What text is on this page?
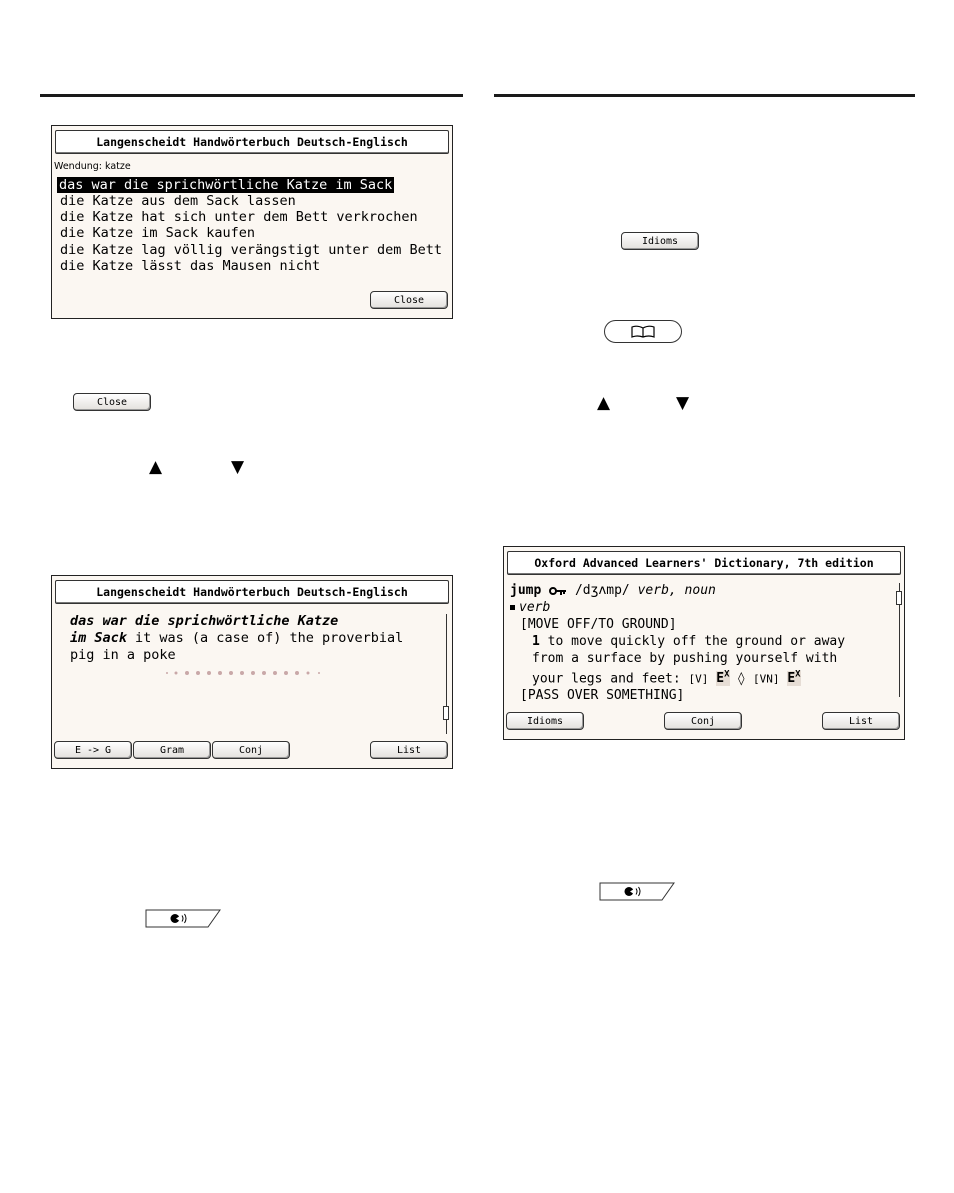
Langenscheidt Handwörterbuch Deutsch-Englisch
Wendung: katze
das war die sprichwörtliche Katze im Sack
die Katze aus dem Sack lassen
die Katze hat sich unter dem Bett verkrochen
die Katze im Sack kaufen
die Katze lag völlig verängstigt unter dem Bett
die Katze lässt das Mausen nicht
Close
Close
▲	▼
Langenscheidt Handwörterbuch Deutsch-Englisch
das war die sprichwörtliche Katze
im Sack it was (a case of) the proverbial
pig in a poke
E -> G	Gram	Conj	List
Idioms
▲	▼
Oxford Advanced Learners' Dictionary, 7th edition
jump  /dʒʌmp/ verb, noun
verb
[MOVE OFF/TO GROUND]
1 to move quickly off the ground or away
from a surface by pushing yourself with
your legs and feet: [V] $E^X$ ◊ [VN] $E^X$
[PASS OVER SOMETHING]
Idioms	Conj	List
